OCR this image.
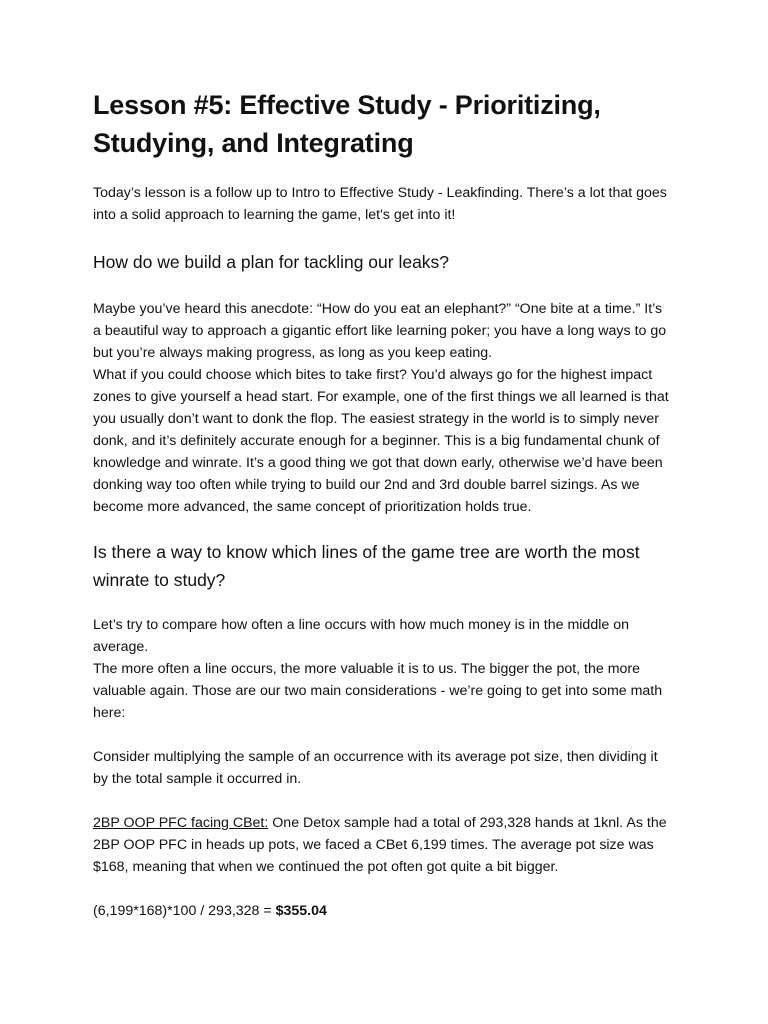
Lesson #5: Effective Study - Prioritizing, Studying, and Integrating

Today’s lesson is a follow up to Intro to Effective Study - Leakfinding. There’s a lot that goes into a solid approach to learning the game, let's get into it!

How do we build a plan for tackling our leaks?

Maybe you’ve heard this anecdote: “How do you eat an elephant?” “One bite at a time.” It’s a beautiful way to approach a gigantic effort like learning poker; you have a long ways to go but you’re always making progress, as long as you keep eating.

What if you could choose which bites to take first? You’d always go for the highest impact zones to give yourself a head start. For example, one of the first things we all learned is that you usually don’t want to donk the flop. The easiest strategy in the world is to simply never donk, and it’s definitely accurate enough for a beginner. This is a big fundamental chunk of knowledge and winrate. It’s a good thing we got that down early, otherwise we’d have been donking way too often while trying to build our 2nd and 3rd double barrel sizings. As we become more advanced, the same concept of prioritization holds true.

Is there a way to know which lines of the game tree are worth the most winrate to study?

Let’s try to compare how often a line occurs with how much money is in the middle on average.

The more often a line occurs, the more valuable it is to us. The bigger the pot, the more valuable again. Those are our two main considerations - we’re going to get into some math here:

Consider multiplying the sample of an occurrence with its average pot size, then dividing it by the total sample it occurred in.

2BP OOP PFC facing CBet: One Detox sample had a total of 293,328 hands at 1knl. As the 2BP OOP PFC in heads up pots, we faced a CBet 6,199 times. The average pot size was $168, meaning that when we continued the pot often got quite a bit bigger.

(6,199*168)*100 / 293,328 = $355.04
